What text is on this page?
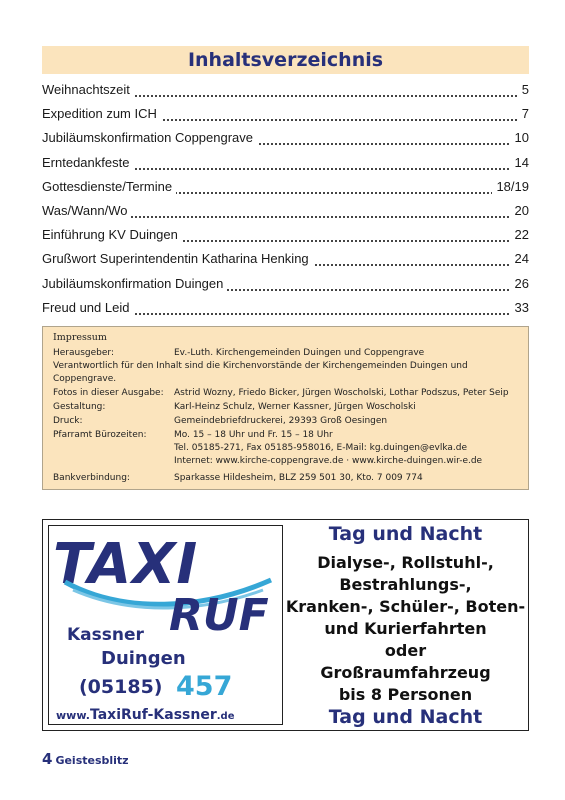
Inhaltsverzeichnis
Weihnachtszeit	5
Expedition zum ICH	7
Jubiläumskonfirmation Coppengrave	10
Erntedankfeste	14
Gottesdienste/Termine	18/19
Was/Wann/Wo	20
Einführung KV Duingen	22
Grußwort Superintendentin Katharina Henking	24
Jubiläumskonfirmation Duingen	26
Freud und Leid	33
Impressum
Herausgeber:	Ev.-Luth. Kirchengemeinden Duingen und Coppengrave
Verantwortlich für den Inhalt sind die Kirchenvorstände der Kirchengemeinden Duingen und
Coppengrave.
Fotos in dieser Ausgabe: Astrid Wozny, Friedo Bicker, Jürgen Woscholski, Lothar Podszus, Peter Seip
Gestaltung:	Karl-Heinz Schulz, Werner Kassner, Jürgen Woscholski
Druck:	Gemeindebriefdruckerei, 29393 Groß Oesingen
Pfarramt Bürozeiten:	Mo. 15 – 18 Uhr und Fr. 15 – 18 Uhr
Tel. 05185-271, Fax 05185-958016, E-Mail: kg.duingen@evlka.de
Internet: www.kirche-coppengrave.de · www.kirche-duingen.wir-e.de
Bankverbindung:	Sparkasse Hildesheim, BLZ 259 501 30, Kto. 7 009 774
TAXI
RUF
Kassner
Duingen
(05185) 457
www.TaxiRuf-Kassner.de
Tag und Nacht
Dialyse-, Rollstuhl-,
Bestrahlungs-,
Kranken-, Schüler-, Boten-
und Kurierfahrten
oder
Großraumfahrzeug
bis 8 Personen
Tag und Nacht
4 Geistesblitz
